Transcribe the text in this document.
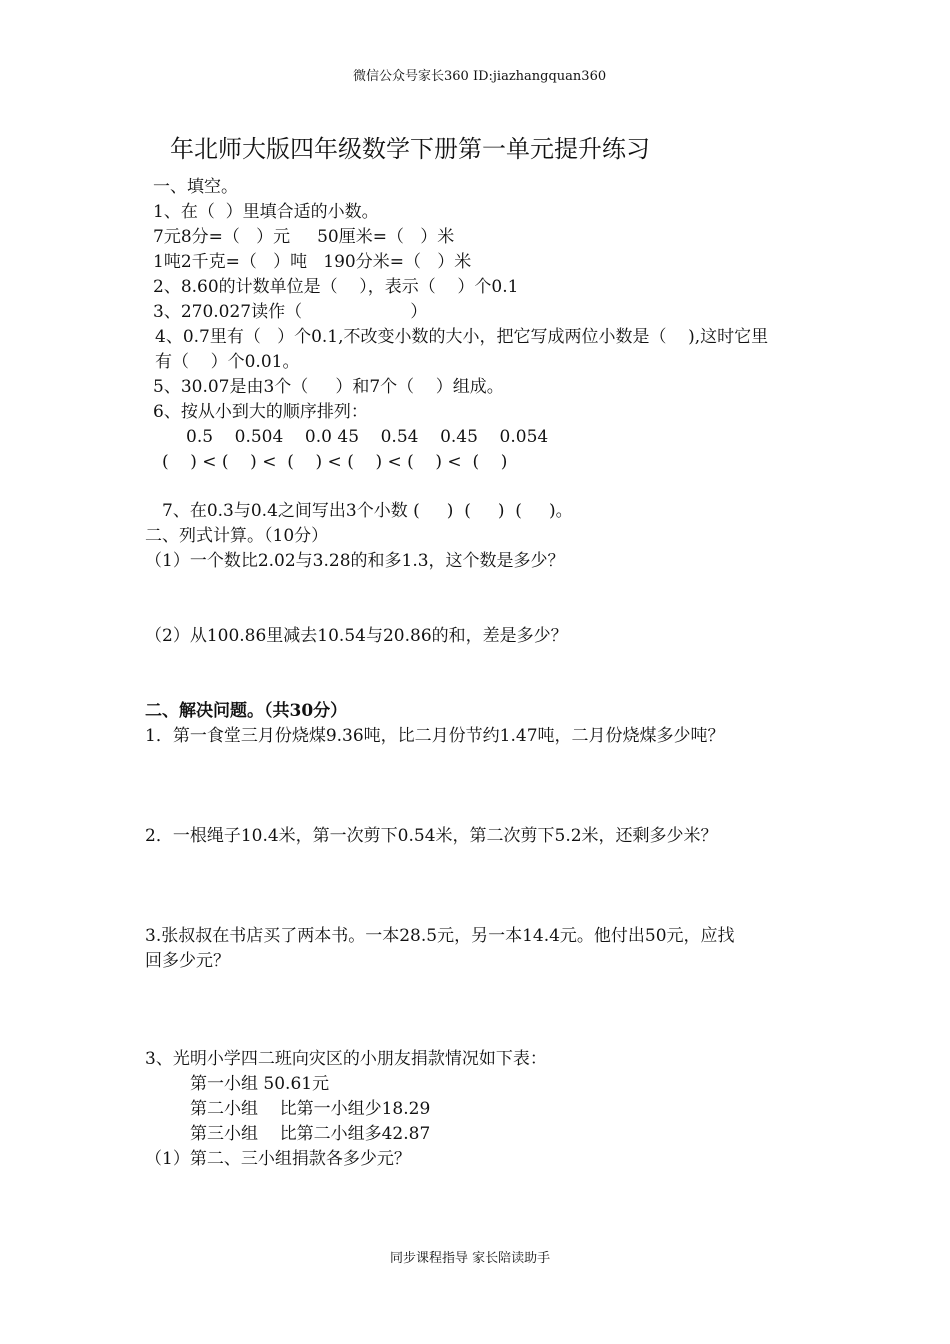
微信公众号家长360 ID:jiazhangquan360
年北师大版四年级数学下册第一单元提升练习
一、填空。
1、在（  ）里填合适的小数。
7元8分=（   ）元     50厘米=（   ）米
1吨2千克=（   ）吨   190分米=（   ）米
2、8.60的计数单位是（    ），表示（    ）个0.1
3、270.027读作（                    ）
4、0.7里有（   ）个0.1,不改变小数的大小，把它写成两位小数是（    ),这时它里
有（    ）个0.01。
5、30.07是由3个（     ）和7个（    ）组成。
6、按从小到大的顺序排列：
0.5    0.504    0.0 45    0.54    0.45    0.054
(    ) < (    ) <  (    ) < (    ) < (    ) <  (    )
7、在0.3与0.4之间写出3个小数 (     )  (     )  (     )。
二、列式计算。（10分）
（1）一个数比2.02与3.28的和多1.3，这个数是多少？
（2）从100.86里减去10.54与20.86的和，差是多少？
二、解决问题。（共30分）
1．第一食堂三月份烧煤9.36吨，比二月份节约1.47吨，二月份烧煤多少吨？
2．一根绳子10.4米，第一次剪下0.54米，第二次剪下5.2米，还剩多少米？
3.张叔叔在书店买了两本书。一本28.5元，另一本14.4元。他付出50元，应找
回多少元？
3、光明小学四二班向灾区的小朋友捐款情况如下表：
第一小组 50.61元
第二小组    比第一小组少18.29
第三小组    比第二小组多42.87
（1）第二、三小组捐款各多少元？
同步课程指导 家长陪读助手
